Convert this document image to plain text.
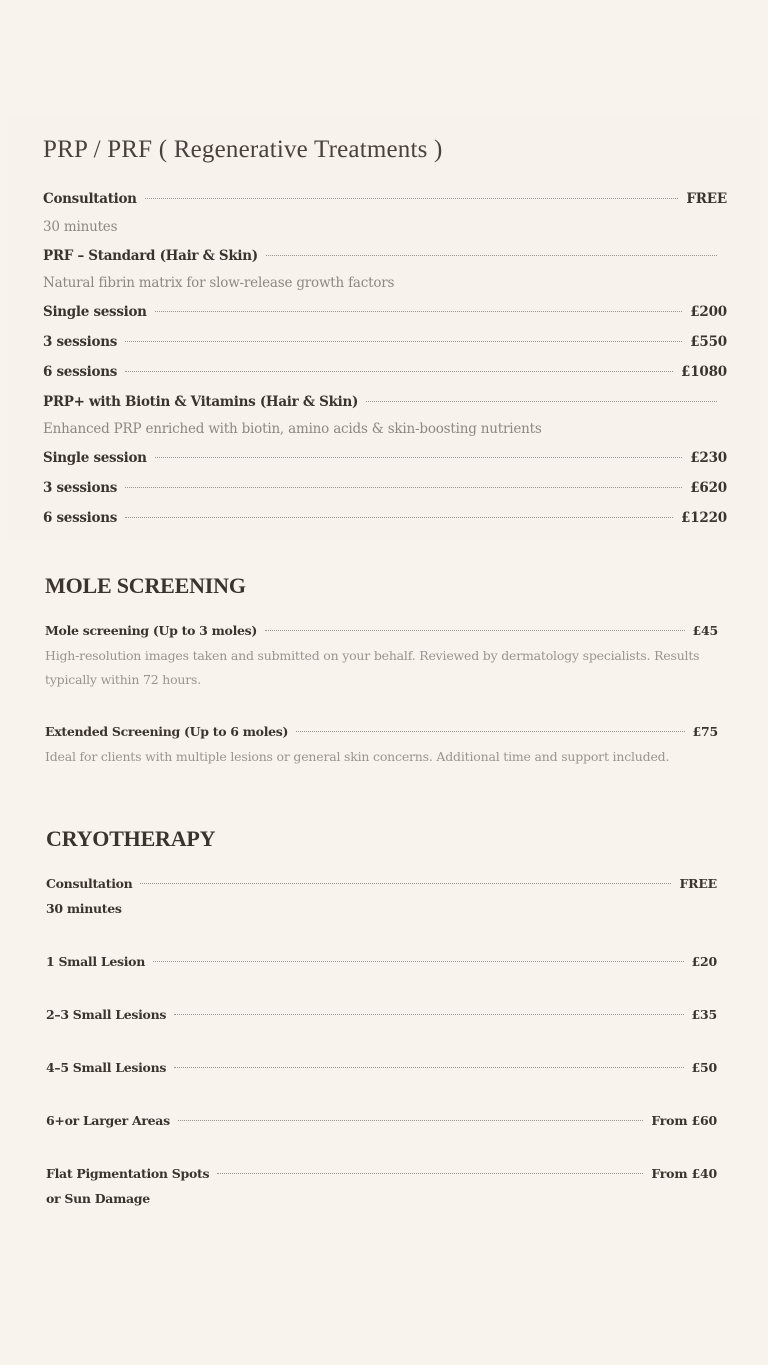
PRP / PRF ( Regenerative Treatments )
Consultation	FREE
30 minutes
PRF – Standard (Hair & Skin)
Natural fibrin matrix for slow-release growth factors
Single session	£200
3 sessions	£550
6 sessions	£1080
PRP+ with Biotin & Vitamins (Hair & Skin)
Enhanced PRP enriched with biotin, amino acids & skin-boosting nutrients
Single session	£230
3 sessions	£620
6 sessions	£1220
MOLE SCREENING
Mole screening (Up to 3 moles)	£45
High-resolution images taken and submitted on your behalf. Reviewed by dermatology specialists. Results
typically within 72 hours.
Extended Screening (Up to 6 moles)	£75
Ideal for clients with multiple lesions or general skin concerns. Additional time and support included.
CRYOTHERAPY
Consultation	FREE
30 minutes
1 Small Lesion	£20
2–3 Small Lesions	£35
4–5 Small Lesions	£50
6+or Larger Areas	From £60
Flat Pigmentation Spots	From £40
or Sun Damage
